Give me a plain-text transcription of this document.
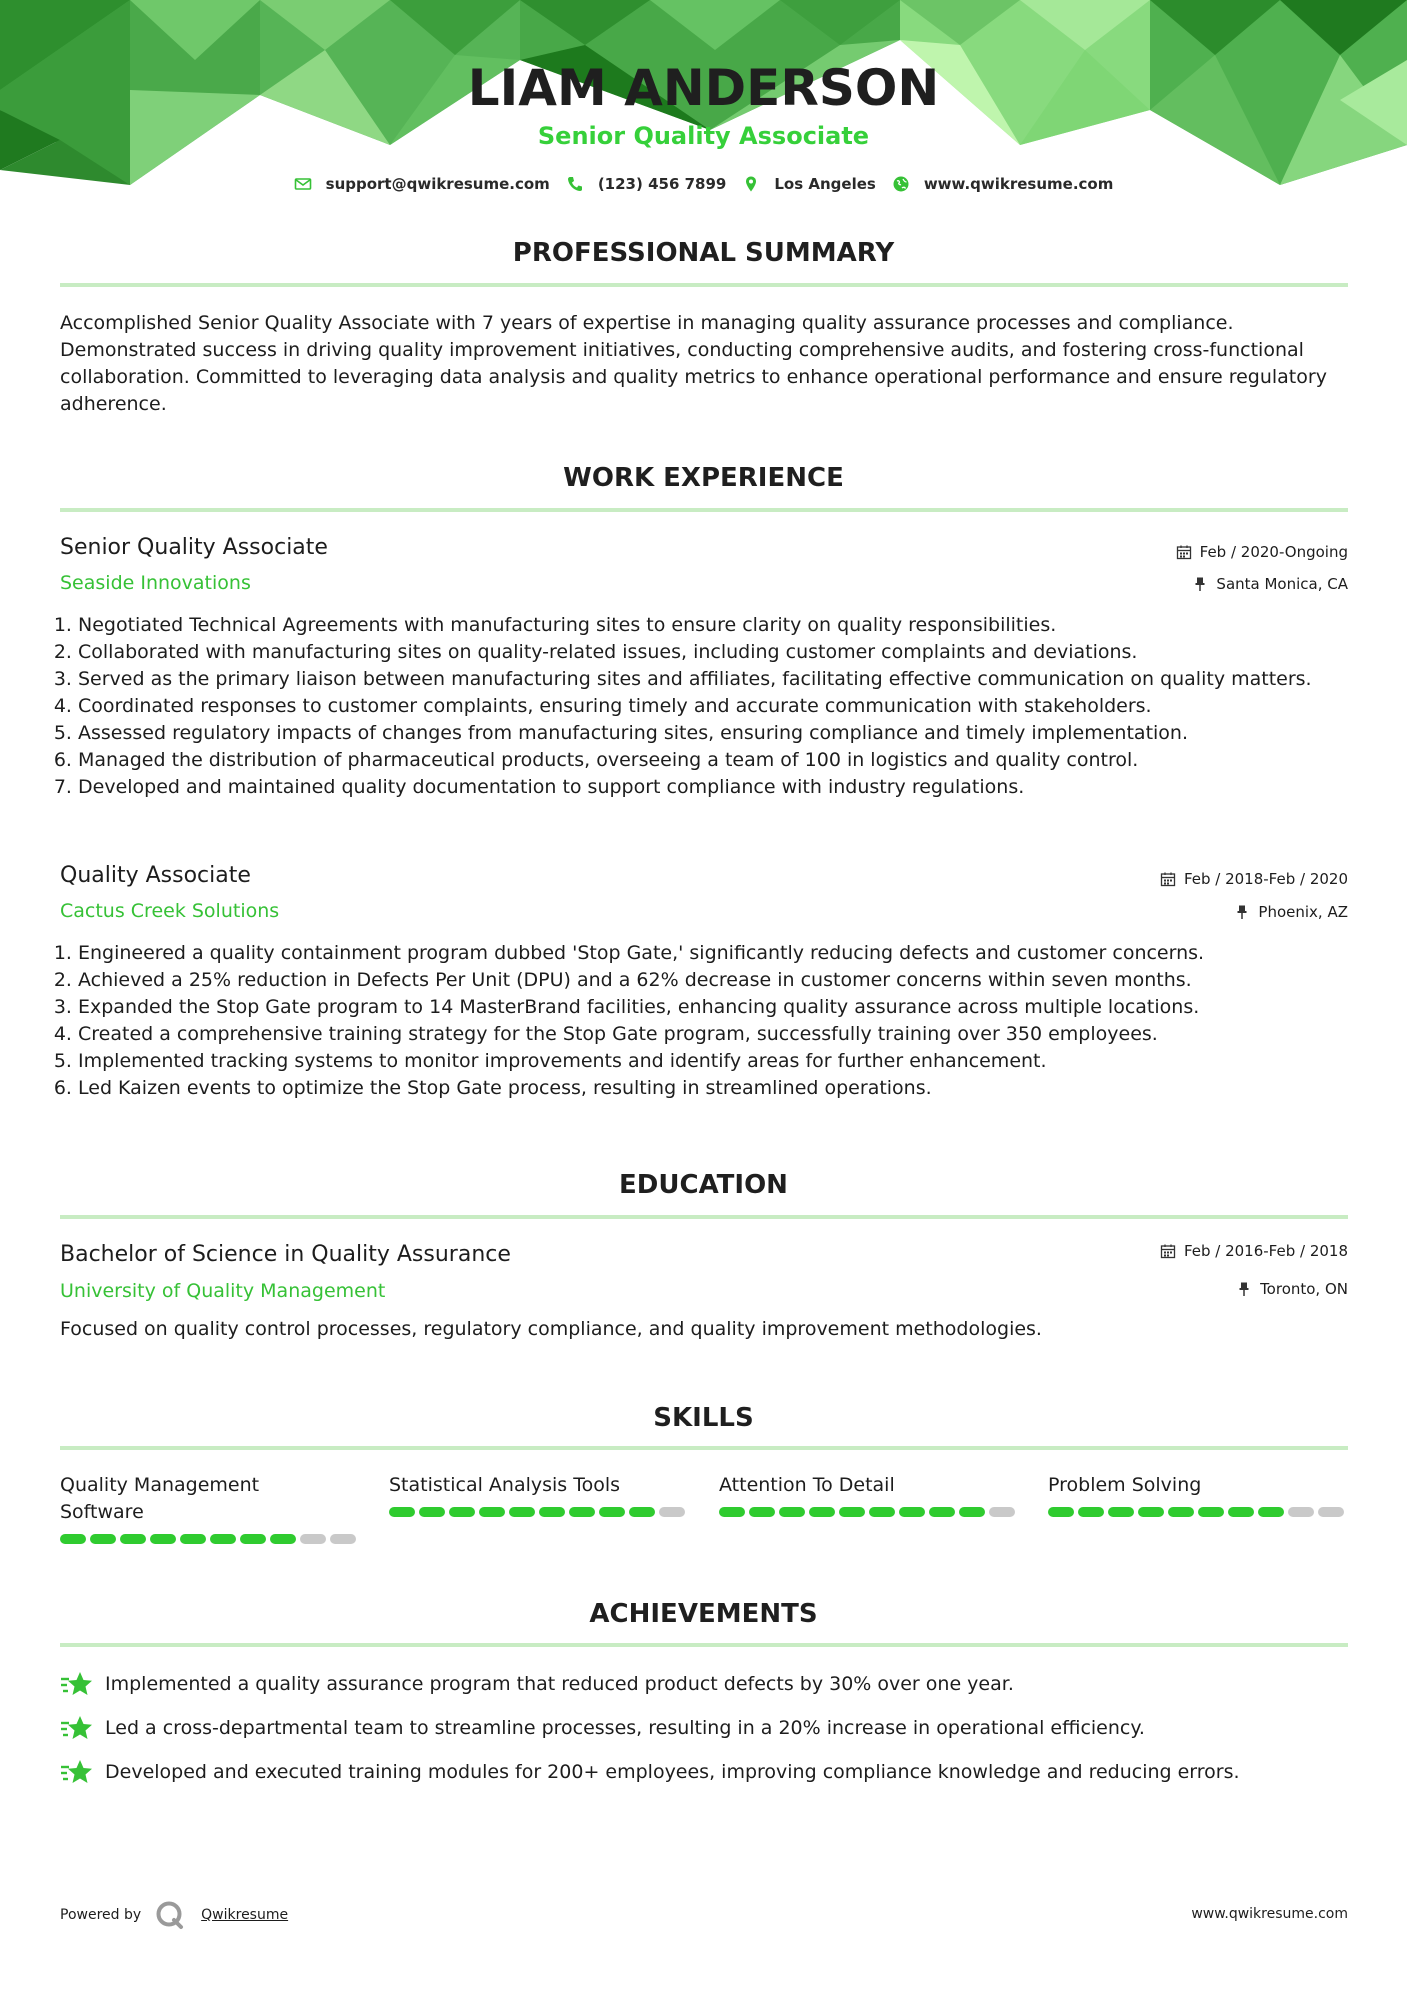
LIAM ANDERSON
Senior Quality Associate
support@qwikresume.com	(123) 456 7899	Los Angeles	www.qwikresume.com
PROFESSIONAL SUMMARY
Accomplished Senior Quality Associate with 7 years of expertise in managing quality assurance processes and compliance. Demonstrated success in driving quality improvement initiatives, conducting comprehensive audits, and fostering cross-functional collaboration. Committed to leveraging data analysis and quality metrics to enhance operational performance and ensure regulatory adherence.
WORK EXPERIENCE
Senior Quality Associate
Seaside Innovations
Feb / 2020-Ongoing
Santa Monica, CA
1. Negotiated Technical Agreements with manufacturing sites to ensure clarity on quality responsibilities.
2. Collaborated with manufacturing sites on quality-related issues, including customer complaints and deviations.
3. Served as the primary liaison between manufacturing sites and affiliates, facilitating effective communication on quality matters.
4. Coordinated responses to customer complaints, ensuring timely and accurate communication with stakeholders.
5. Assessed regulatory impacts of changes from manufacturing sites, ensuring compliance and timely implementation.
6. Managed the distribution of pharmaceutical products, overseeing a team of 100 in logistics and quality control.
7. Developed and maintained quality documentation to support compliance with industry regulations.
Quality Associate
Cactus Creek Solutions
Feb / 2018-Feb / 2020
Phoenix, AZ
1. Engineered a quality containment program dubbed 'Stop Gate,' significantly reducing defects and customer concerns.
2. Achieved a 25% reduction in Defects Per Unit (DPU) and a 62% decrease in customer concerns within seven months.
3. Expanded the Stop Gate program to 14 MasterBrand facilities, enhancing quality assurance across multiple locations.
4. Created a comprehensive training strategy for the Stop Gate program, successfully training over 350 employees.
5. Implemented tracking systems to monitor improvements and identify areas for further enhancement.
6. Led Kaizen events to optimize the Stop Gate process, resulting in streamlined operations.
EDUCATION
Bachelor of Science in Quality Assurance
University of Quality Management
Feb / 2016-Feb / 2018
Toronto, ON
Focused on quality control processes, regulatory compliance, and quality improvement methodologies.
SKILLS
Quality Management Software
Statistical Analysis Tools	Attention To Detail	Problem Solving
ACHIEVEMENTS
Implemented a quality assurance program that reduced product defects by 30% over one year.
Led a cross-departmental team to streamline processes, resulting in a 20% increase in operational efficiency.
Developed and executed training modules for 200+ employees, improving compliance knowledge and reducing errors.
Powered by	Qwikresume	www.qwikresume.com
